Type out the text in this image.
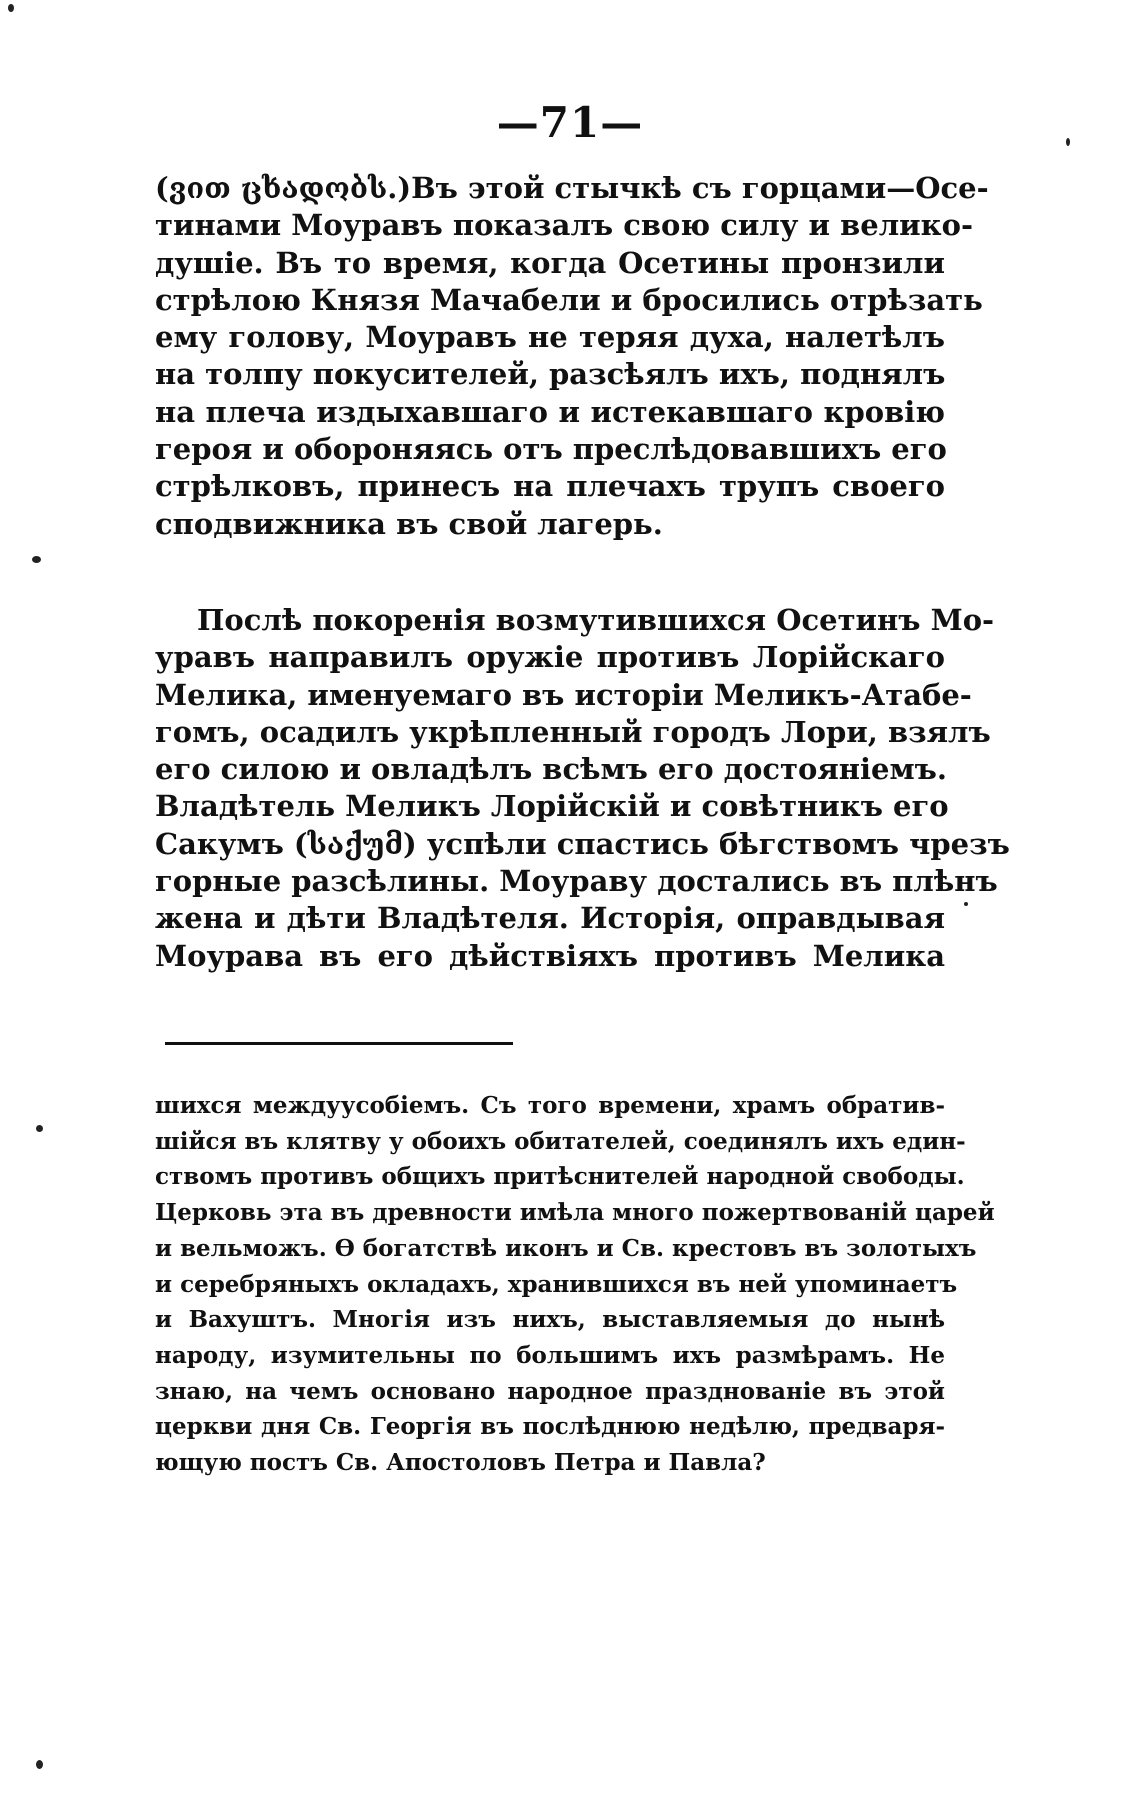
—71—
(ვით ცხადობს.)Въ этой стычкѣ съ горцами—Осе-
тинами Моуравъ показалъ свою силу и велико-
душіе. Въ то время, когда Осетины пронзили
стрѣлою Князя Мачабели и бросились отрѣзать
ему голову, Моуравъ не теряя духа, налетѣлъ
на толпу покусителей, разсѣялъ ихъ, поднялъ
на плеча издыхавшаго и истекавшаго кровію
героя и обороняясь отъ преслѣдовавшихъ его
стрѣлковъ, принесъ на плечахъ трупъ своего
сподвижника въ свой лагерь.
Послѣ покоренія возмутившихся Осетинъ Мо-
уравъ направилъ оружіе противъ Лорійскаго
Мелика, именуемаго въ исторіи Меликъ-Атабе-
гомъ, осадилъ укрѣпленный городъ Лори, взялъ
его силою и овладѣлъ всѣмъ его достояніемъ.
Владѣтель Меликъ Лорійскій и совѣтникъ его
Сакумъ (საქუმ) успѣли спастись бѣгствомъ чрезъ
горные разсѣлины. Моураву достались въ плѣнъ
жена и дѣти Владѣтеля. Исторія, оправдывая
Моурава въ его дѣйствіяхъ противъ Мелика
шихся междуусобіемъ. Съ того времени, храмъ обратив-
шійся въ клятву у обоихъ обитателей, соединялъ ихъ един-
ствомъ противъ общихъ притѣснителей народной свободы.
Церковь эта въ древности имѣла много пожертвованій царей
и вельможъ. Ѳ богатствѣ иконъ и Св. крестовъ въ золотыхъ
и серебряныхъ окладахъ, хранившихся въ ней упоминаетъ
и Вахуштъ. Многія изъ нихъ, выставляемыя до нынѣ
народу, изумительны по большимъ ихъ размѣрамъ. Не
знаю, на чемъ основано народное празднованіе въ этой
церкви дня Св. Георгія въ послѣднюю недѣлю, предваря-
ющую постъ Св. Апостоловъ Петра и Павла?
